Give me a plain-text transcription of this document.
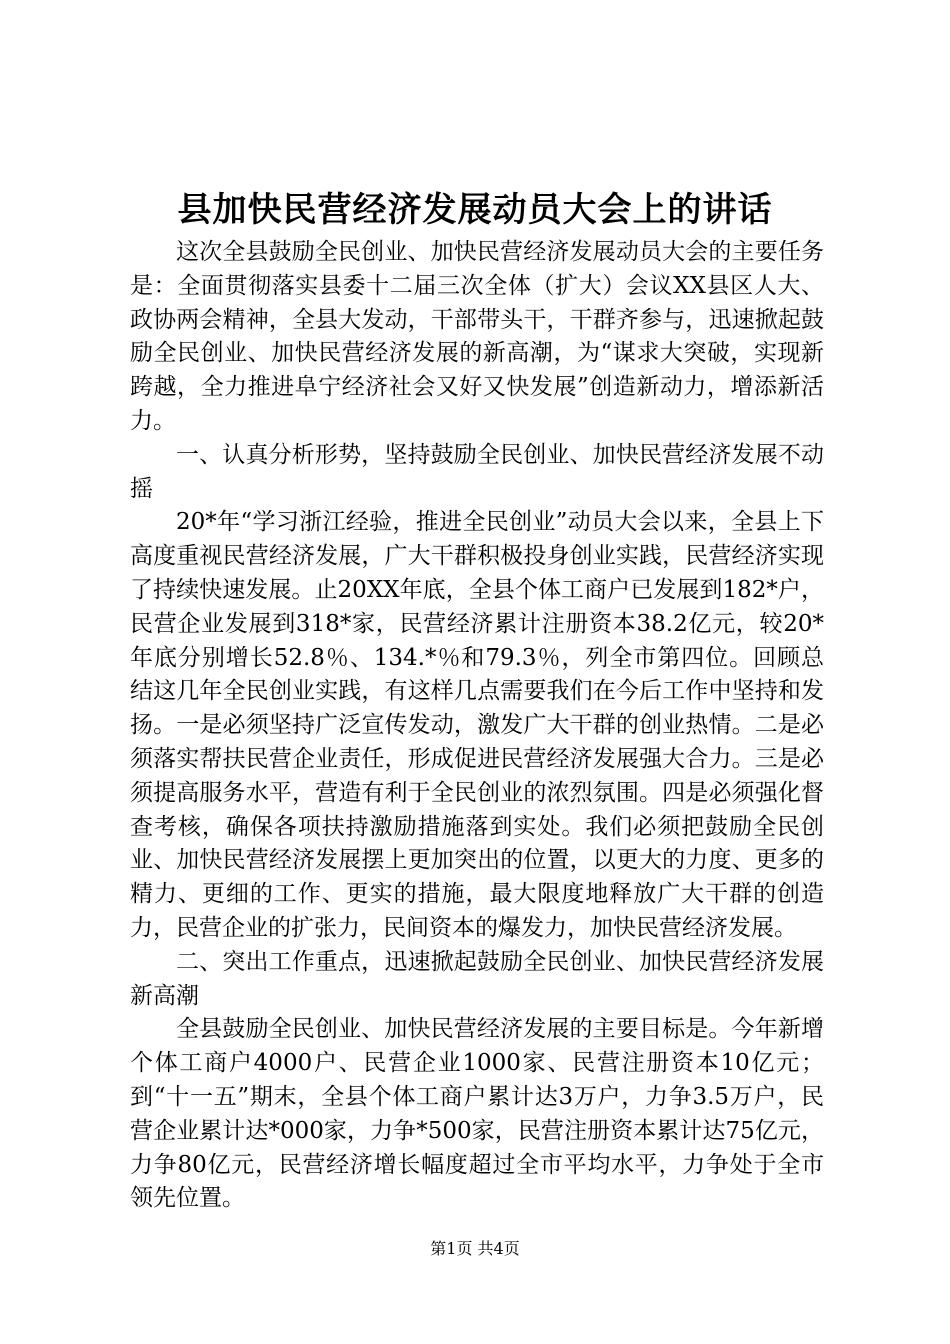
县加快民营经济发展动员大会上的讲话

这次全县鼓励全民创业、加快民营经济发展动员大会的主要任务是：全面贯彻落实县委十二届三次全体（扩大）会议XX县区人大、政协两会精神，全县大发动，干部带头干，干群齐参与，迅速掀起鼓励全民创业、加快民营经济发展的新高潮，为“谋求大突破，实现新跨越，全力推进阜宁经济社会又好又快发展”创造新动力，增添新活力。

一、认真分析形势，坚持鼓励全民创业、加快民营经济发展不动摇

20*年“学习浙江经验，推进全民创业”动员大会以来，全县上下高度重视民营经济发展，广大干群积极投身创业实践，民营经济实现了持续快速发展。止20XX年底，全县个体工商户已发展到182*户，民营企业发展到318*家，民营经济累计注册资本38.2亿元，较20*年底分别增长52.8％、134.*％和79.3％，列全市第四位。回顾总结这几年全民创业实践，有这样几点需要我们在今后工作中坚持和发扬。一是必须坚持广泛宣传发动，激发广大干群的创业热情。二是必须落实帮扶民营企业责任，形成促进民营经济发展强大合力。三是必须提高服务水平，营造有利于全民创业的浓烈氛围。四是必须强化督查考核，确保各项扶持激励措施落到实处。我们必须把鼓励全民创业、加快民营经济发展摆上更加突出的位置，以更大的力度、更多的精力、更细的工作、更实的措施，最大限度地释放广大干群的创造力，民营企业的扩张力，民间资本的爆发力，加快民营经济发展。

二、突出工作重点，迅速掀起鼓励全民创业、加快民营经济发展新高潮

全县鼓励全民创业、加快民营经济发展的主要目标是。今年新增个体工商户4000户、民营企业1000家、民营注册资本10亿元；到“十一五”期末，全县个体工商户累计达3万户，力争3.5万户，民营企业累计达*000家，力争*500家，民营注册资本累计达75亿元，力争80亿元，民营经济增长幅度超过全市平均水平，力争处于全市领先位置。

第1页 共4页
